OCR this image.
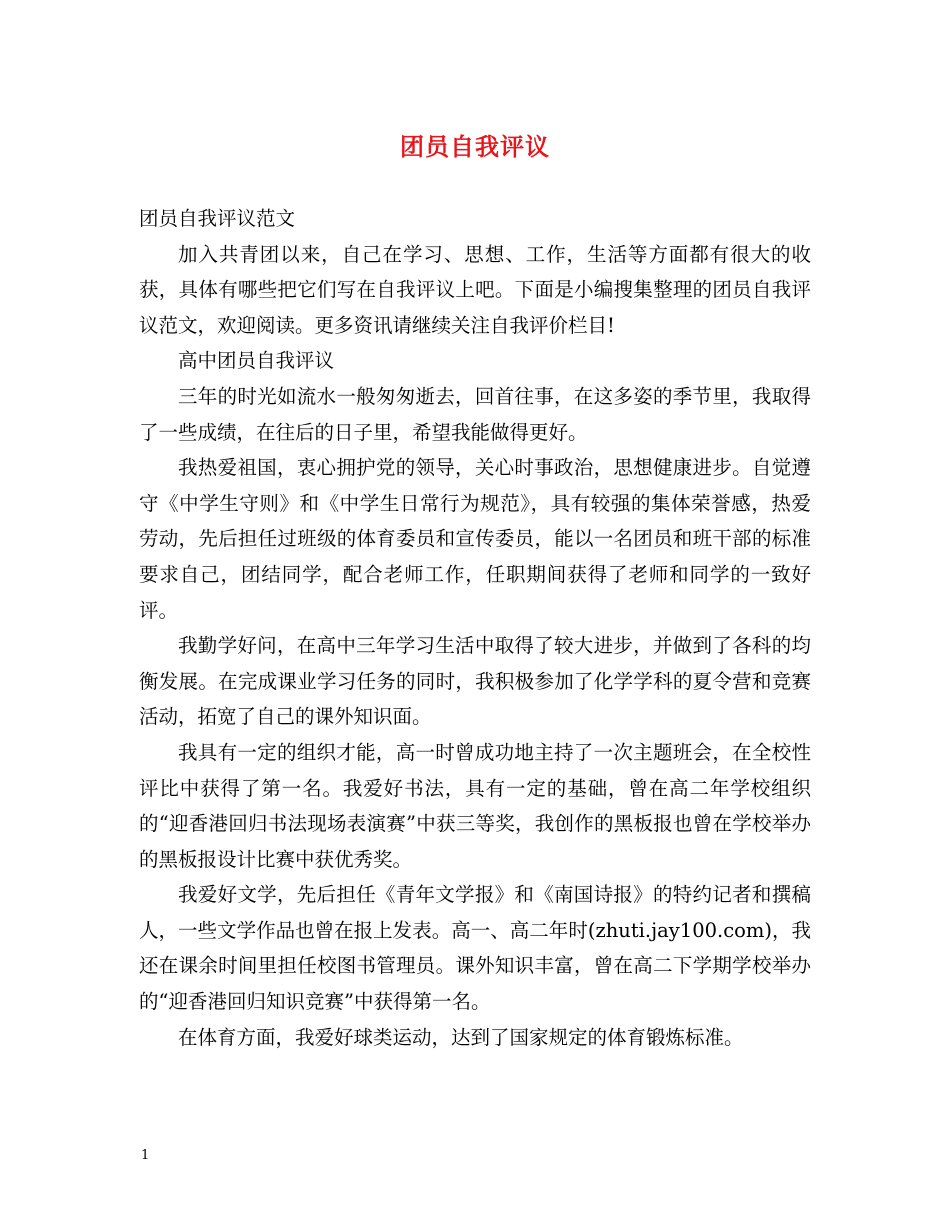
团员自我评议

团员自我评议范文

加入共青团以来，自己在学习、思想、工作，生活等方面都有很大的收获，具体有哪些把它们写在自我评议上吧。下面是小编搜集整理的团员自我评议范文，欢迎阅读。更多资讯请继续关注自我评价栏目!

高中团员自我评议

三年的时光如流水一般匆匆逝去，回首往事，在这多姿的季节里，我取得了一些成绩，在往后的日子里，希望我能做得更好。

我热爱祖国，衷心拥护党的领导，关心时事政治，思想健康进步。自觉遵守《中学生守则》和《中学生日常行为规范》，具有较强的集体荣誉感，热爱劳动，先后担任过班级的体育委员和宣传委员，能以一名团员和班干部的标准要求自己，团结同学，配合老师工作，任职期间获得了老师和同学的一致好评。

我勤学好问，在高中三年学习生活中取得了较大进步，并做到了各科的均衡发展。在完成课业学习任务的同时，我积极参加了化学学科的夏令营和竞赛活动，拓宽了自己的课外知识面。

我具有一定的组织才能，高一时曾成功地主持了一次主题班会，在全校性评比中获得了第一名。我爱好书法，具有一定的基础，曾在高二年学校组织的“迎香港回归书法现场表演赛”中获三等奖，我创作的黑板报也曾在学校举办的黑板报设计比赛中获优秀奖。

我爱好文学，先后担任《青年文学报》和《南国诗报》的特约记者和撰稿人，一些文学作品也曾在报上发表。高一、高二年时(zhuti.jay100.com)，我还在课余时间里担任校图书管理员。课外知识丰富，曾在高二下学期学校举办的“迎香港回归知识竞赛”中获得第一名。

在体育方面，我爱好球类运动，达到了国家规定的体育锻炼标准。

1
